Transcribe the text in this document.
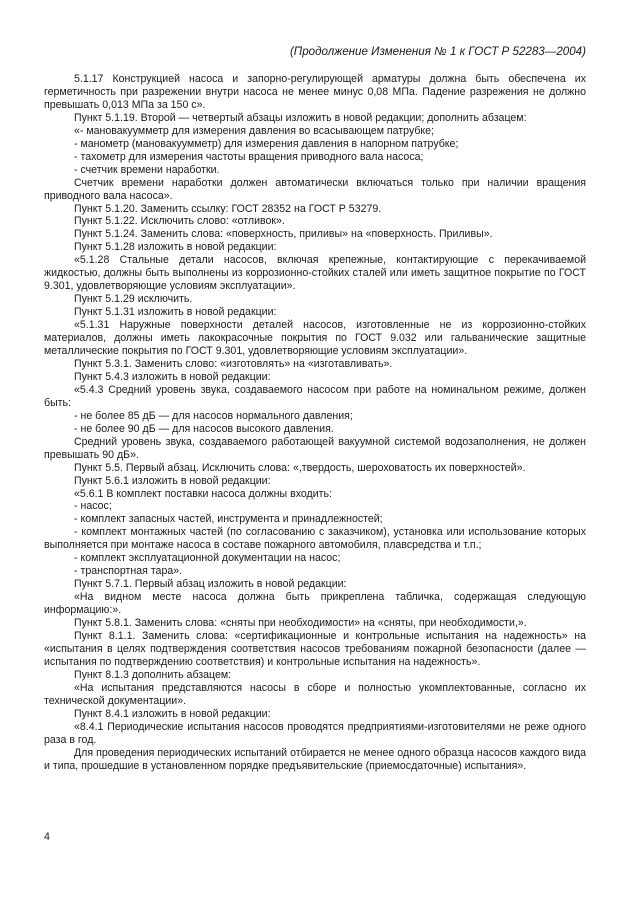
(Продолжение Изменения № 1 к ГОСТ Р 52283—2004)

5.1.17 Конструкцией насоса и запорно-регулирующей арматуры должна быть обеспечена их герметичность при разрежении внутри насоса не менее минус 0,08 МПа. Падение разрежения не должно превышать 0,013 МПа за 150 с».

Пункт 5.1.19. Второй — четвертый абзацы изложить в новой редакции; дополнить абзацем:

«- мановакуумметр для измерения давления во всасывающем патрубке;

- манометр (мановакуумметр) для измерения давления в напорном патрубке;

- тахометр для измерения частоты вращения приводного вала насоса;

- счетчик времени наработки.

Счетчик времени наработки должен автоматически включаться только при наличии вращения приводного вала насоса».

Пункт 5.1.20. Заменить ссылку: ГОСТ 28352 на ГОСТ Р 53279.

Пункт 5.1.22. Исключить слово: «отливок».

Пункт 5.1.24. Заменить слова: «поверхность, приливы» на «поверхность. Приливы».

Пункт 5.1.28 изложить в новой редакции:

«5.1.28 Стальные детали насосов, включая крепежные, контактирующие с перекачиваемой жидкостью, должны быть выполнены из коррозионно-стойких сталей или иметь защитное покрытие по ГОСТ 9.301, удовлетворяющие условиям эксплуатации».

Пункт 5.1.29 исключить.

Пункт 5.1.31 изложить в новой редакции:

«5.1.31 Наружные поверхности деталей насосов, изготовленные не из коррозионно-стойких материалов, должны иметь лакокрасочные покрытия по ГОСТ 9.032 или гальванические защитные металлические покрытия по ГОСТ 9.301, удовлетворяющие условиям эксплуатации».

Пункт 5.3.1. Заменить слово: «изготовлять» на «изготавливать».

Пункт 5.4.3 изложить в новой редакции:

«5.4.3 Средний уровень звука, создаваемого насосом при работе на номинальном режиме, должен быть:

- не более 85 дБ — для насосов нормального давления;

- не более 90 дБ — для насосов высокого давления.

Средний уровень звука, создаваемого работающей вакуумной системой водозаполнения, не должен превышать 90 дБ».

Пункт 5.5. Первый абзац. Исключить слова: «,твердость, шероховатость их поверхностей».

Пункт 5.6.1 изложить в новой редакции:

«5.6.1 В комплект поставки насоса должны входить:

- насос;

- комплект запасных частей, инструмента и принадлежностей;

- комплект монтажных частей (по согласованию с заказчиком), установка или использование которых выполняется при монтаже насоса в составе пожарного автомобиля, плавсредства и т.п.;

- комплект эксплуатационной документации на насос;

- транспортная тара».

Пункт 5.7.1. Первый абзац изложить в новой редакции:

«На видном месте насоса должна быть прикреплена табличка, содержащая следующую информацию:».

Пункт 5.8.1. Заменить слова: «сняты при необходимости» на «сняты, при необходимости,».

Пункт 8.1.1. Заменить слова: «сертификационные и контрольные испытания на надежность» на «испытания в целях подтверждения соответствия насосов требованиям пожарной безопасности (далее — испытания по подтверждению соответствия) и контрольные испытания на надежность».

Пункт 8.1.3 дополнить абзацем:

«На испытания представляются насосы в сборе и полностью укомплектованные, согласно их технической документации».

Пункт 8.4.1 изложить в новой редакции:

«8.4.1 Периодические испытания насосов проводятся предприятиями-изготовителями не реже одного раза в год.

Для проведения периодических испытаний отбирается не менее одного образца насосов каждого вида и типа, прошедшие в установленном порядке предъявительские (приемосдаточные) испытания».

4
